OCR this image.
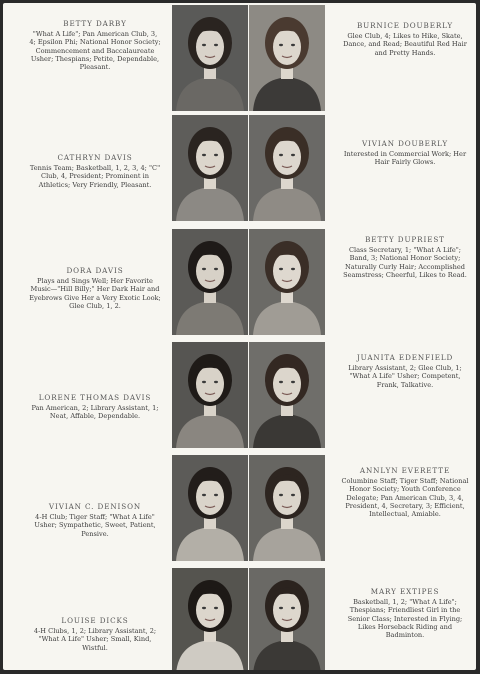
BETTY DARBY
"What A Life"; Pan American Club, 3, 4; Epsilon Phi; National Honor Society; Commencement and Baccalaureate Usher; Thespians; Petite, Dependable, Pleasant.
BURNICE DOUBERLY
Glee Club, 4; Likes to Hike, Skate, Dance, and Read; Beautiful Red Hair and Pretty Hands.
CATHRYN DAVIS
Tennis Team; Basketball, 1, 2, 3, 4; "C" Club, 4, President; Prominent in Athletics; Very Friendly, Pleasant.
VIVIAN DOUBERLY
Interested in Commercial Work; Her Hair Fairly Glows.
DORA DAVIS
Plays and Sings Well; Her Favorite Music—"Hill Billy;" Her Dark Hair and Eyebrows Give Her a Very Exotic Look; Glee Club, 1, 2.
BETTY DUPRIEST
Class Secretary, 1; "What A Life"; Band, 3; National Honor Society; Naturally Curly Hair; Accomplished Seamstress; Cheerful, Likes to Read.
LORENE THOMAS DAVIS
Pan American, 2; Library Assistant, 1; Neat, Affable, Dependable.
JUANITA EDENFIELD
Library Assistant, 2; Glee Club, 1; "What A Life" Usher; Competent, Frank, Talkative.
VIVIAN C. DENISON
4-H Club; Tiger Staff; "What A Life" Usher; Sympathetic, Sweet, Patient, Pensive.
ANNLYN EVERETTE
Columbine Staff; Tiger Staff; National Honor Society; Youth Conference Delegate; Pan American Club, 3, 4, President, 4, Secretary, 3; Efficient, Intellectual, Amiable.
LOUISE DICKS
4-H Clubs, 1, 2; Library Assistant, 2; "What A Life" Usher; Small, Kind, Wistful.
MARY EXTIPES
Basketball, 1, 2; "What A Life"; Thespians; Friendliest Girl in the Senior Class; Interested in Flying; Likes Horseback Riding and Badminton.
